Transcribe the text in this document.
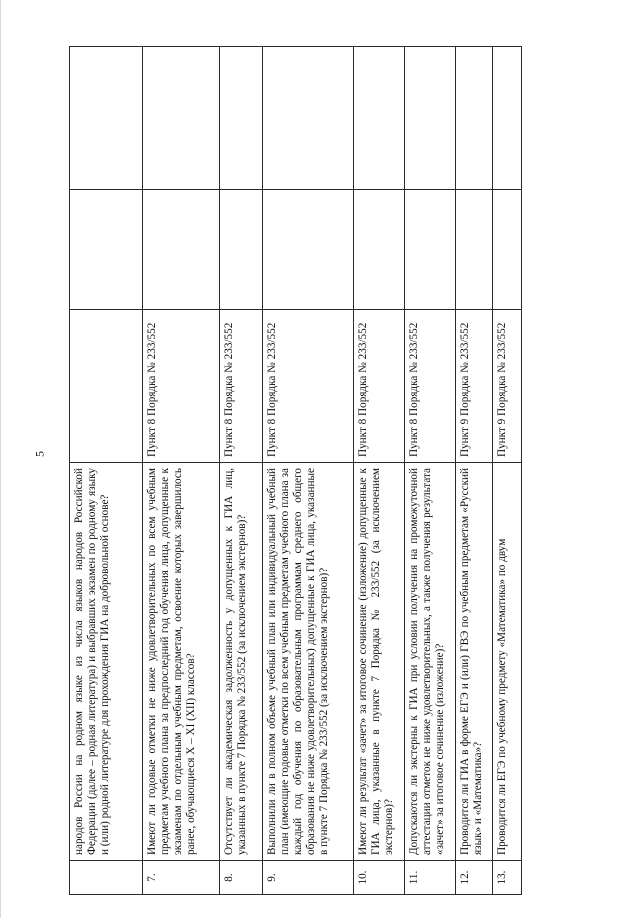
5
	народов России на родном языке из числа языков народов Российской Федерации (далее – родная литература) и выбравших экзамен по родному языку и (или) родной литературе для прохождения ГИА на добровольной основе?			
7.	Имеют ли годовые отметки не ниже удовлетворительных по всем учебным предметам учебного плана за предпоследний год обучения лица, допущенные к экзаменам по отдельным учебным предметам, освоение которых завершилось ранее, обучающиеся X – XI (XII) классов?	Пункт 8 Порядка № 233/552		
8.	Отсутствует ли академическая задолженность у допущенных к ГИА лиц, указанных в пункте 7 Порядка № 233/552 (за исключением экстернов)?	Пункт 8 Порядка № 233/552		
9.	Выполнили ли в полном объеме учебный план или индивидуальный учебный план (имеющие годовые отметки по всем учебным предметам учебного плана за каждый год обучения по образовательным программам среднего общего образования не ниже удовлетворительных) допущенные к ГИА лица, указанные в пункте 7 Порядка № 233/552 (за исключением экстернов)?	Пункт 8 Порядка № 233/552		
10.	Имеют ли результат «зачет» за итоговое сочинение (изложение) допущенные к ГИА лица, указанные в пункте 7 Порядка № 233/552 (за исключением экстернов)?	Пункт 8 Порядка № 233/552		
11.	Допускаются ли экстерны к ГИА при условии получения на промежуточной аттестации отметок не ниже удовлетворительных, а также получения результата «зачет» за итоговое сочинение (изложение)?	Пункт 8 Порядка № 233/552		
12.	Проводится ли ГИА в форме ЕГЭ и (или) ГВЭ по учебным предметам «Русский язык» и «Математика»?	Пункт 9 Порядка № 233/552		
13.	Проводится ли ЕГЭ по учебному предмету «Математика» по двум	Пункт 9 Порядка № 233/552		
